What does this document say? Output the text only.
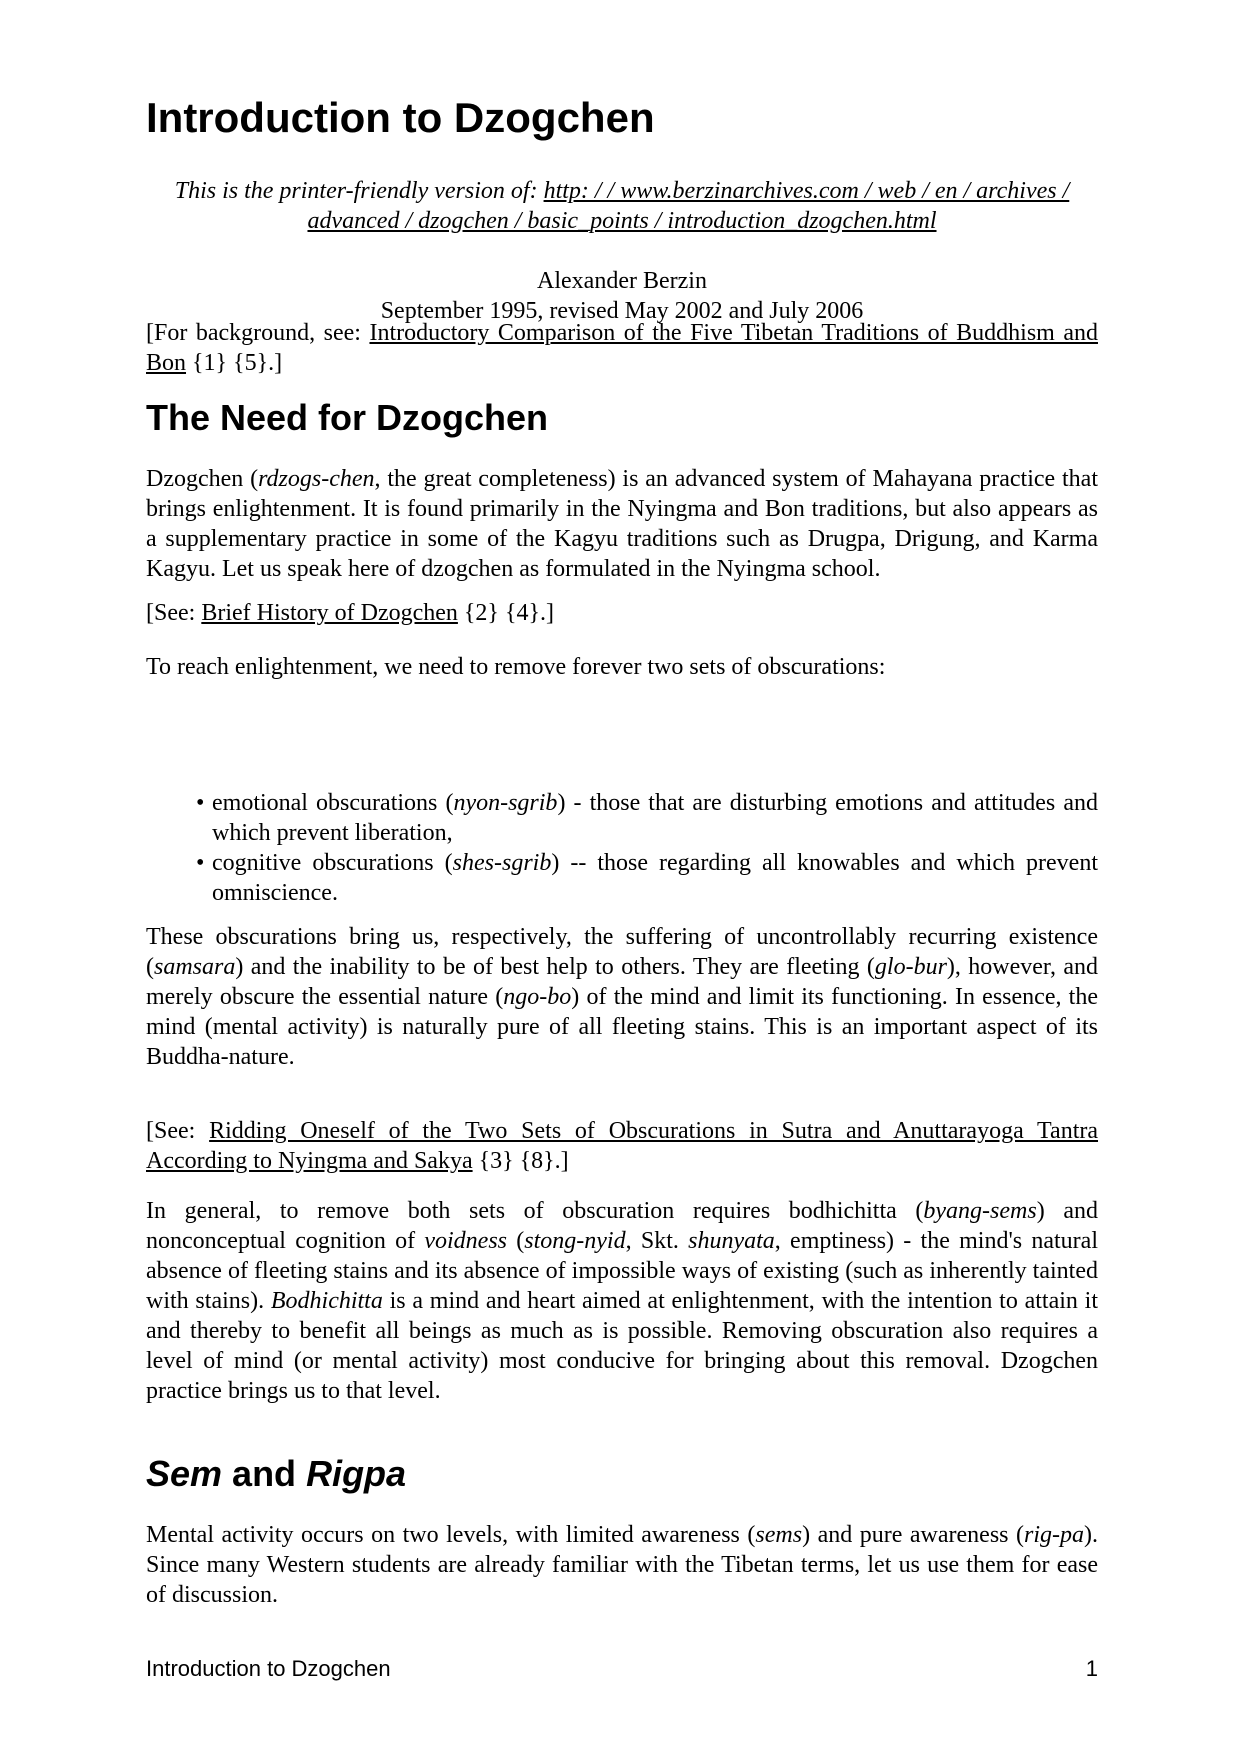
Introduction to Dzogchen
This is the printer-friendly version of: http: / / www.berzinarchives.com / web / en / archives / advanced / dzogchen / basic_points / introduction_dzogchen.html
Alexander Berzin
September 1995, revised May 2002 and July 2006

[For background, see: Introductory Comparison of the Five Tibetan Traditions of Buddhism and Bon {1} {5}.]

The Need for Dzogchen

Dzogchen (rdzogs-chen, the great completeness) is an advanced system of Mahayana practice that brings enlightenment. It is found primarily in the Nyingma and Bon traditions, but also appears as a supplementary practice in some of the Kagyu traditions such as Drugpa, Drigung, and Karma Kagyu. Let us speak here of dzogchen as formulated in the Nyingma school.

[See: Brief History of Dzogchen {2} {4}.]

To reach enlightenment, we need to remove forever two sets of obscurations:

• emotional obscurations (nyon-sgrib) - those that are disturbing emotions and attitudes and which prevent liberation,
• cognitive obscurations (shes-sgrib) -- those regarding all knowables and which prevent omniscience.

These obscurations bring us, respectively, the suffering of uncontrollably recurring existence (samsara) and the inability to be of best help to others. They are fleeting (glo-bur), however, and merely obscure the essential nature (ngo-bo) of the mind and limit its functioning. In essence, the mind (mental activity) is naturally pure of all fleeting stains. This is an important aspect of its Buddha-nature.

[See: Ridding Oneself of the Two Sets of Obscurations in Sutra and Anuttarayoga Tantra According to Nyingma and Sakya {3} {8}.]

In general, to remove both sets of obscuration requires bodhichitta (byang-sems) and nonconceptual cognition of voidness (stong-nyid, Skt. shunyata, emptiness) - the mind's natural absence of fleeting stains and its absence of impossible ways of existing (such as inherently tainted with stains). Bodhichitta is a mind and heart aimed at enlightenment, with the intention to attain it and thereby to benefit all beings as much as is possible. Removing obscuration also requires a level of mind (or mental activity) most conducive for bringing about this removal. Dzogchen practice brings us to that level.

Sem and Rigpa

Mental activity occurs on two levels, with limited awareness (sems) and pure awareness (rig-pa). Since many Western students are already familiar with the Tibetan terms, let us use them for ease of discussion.

Introduction to Dzogchen	1
